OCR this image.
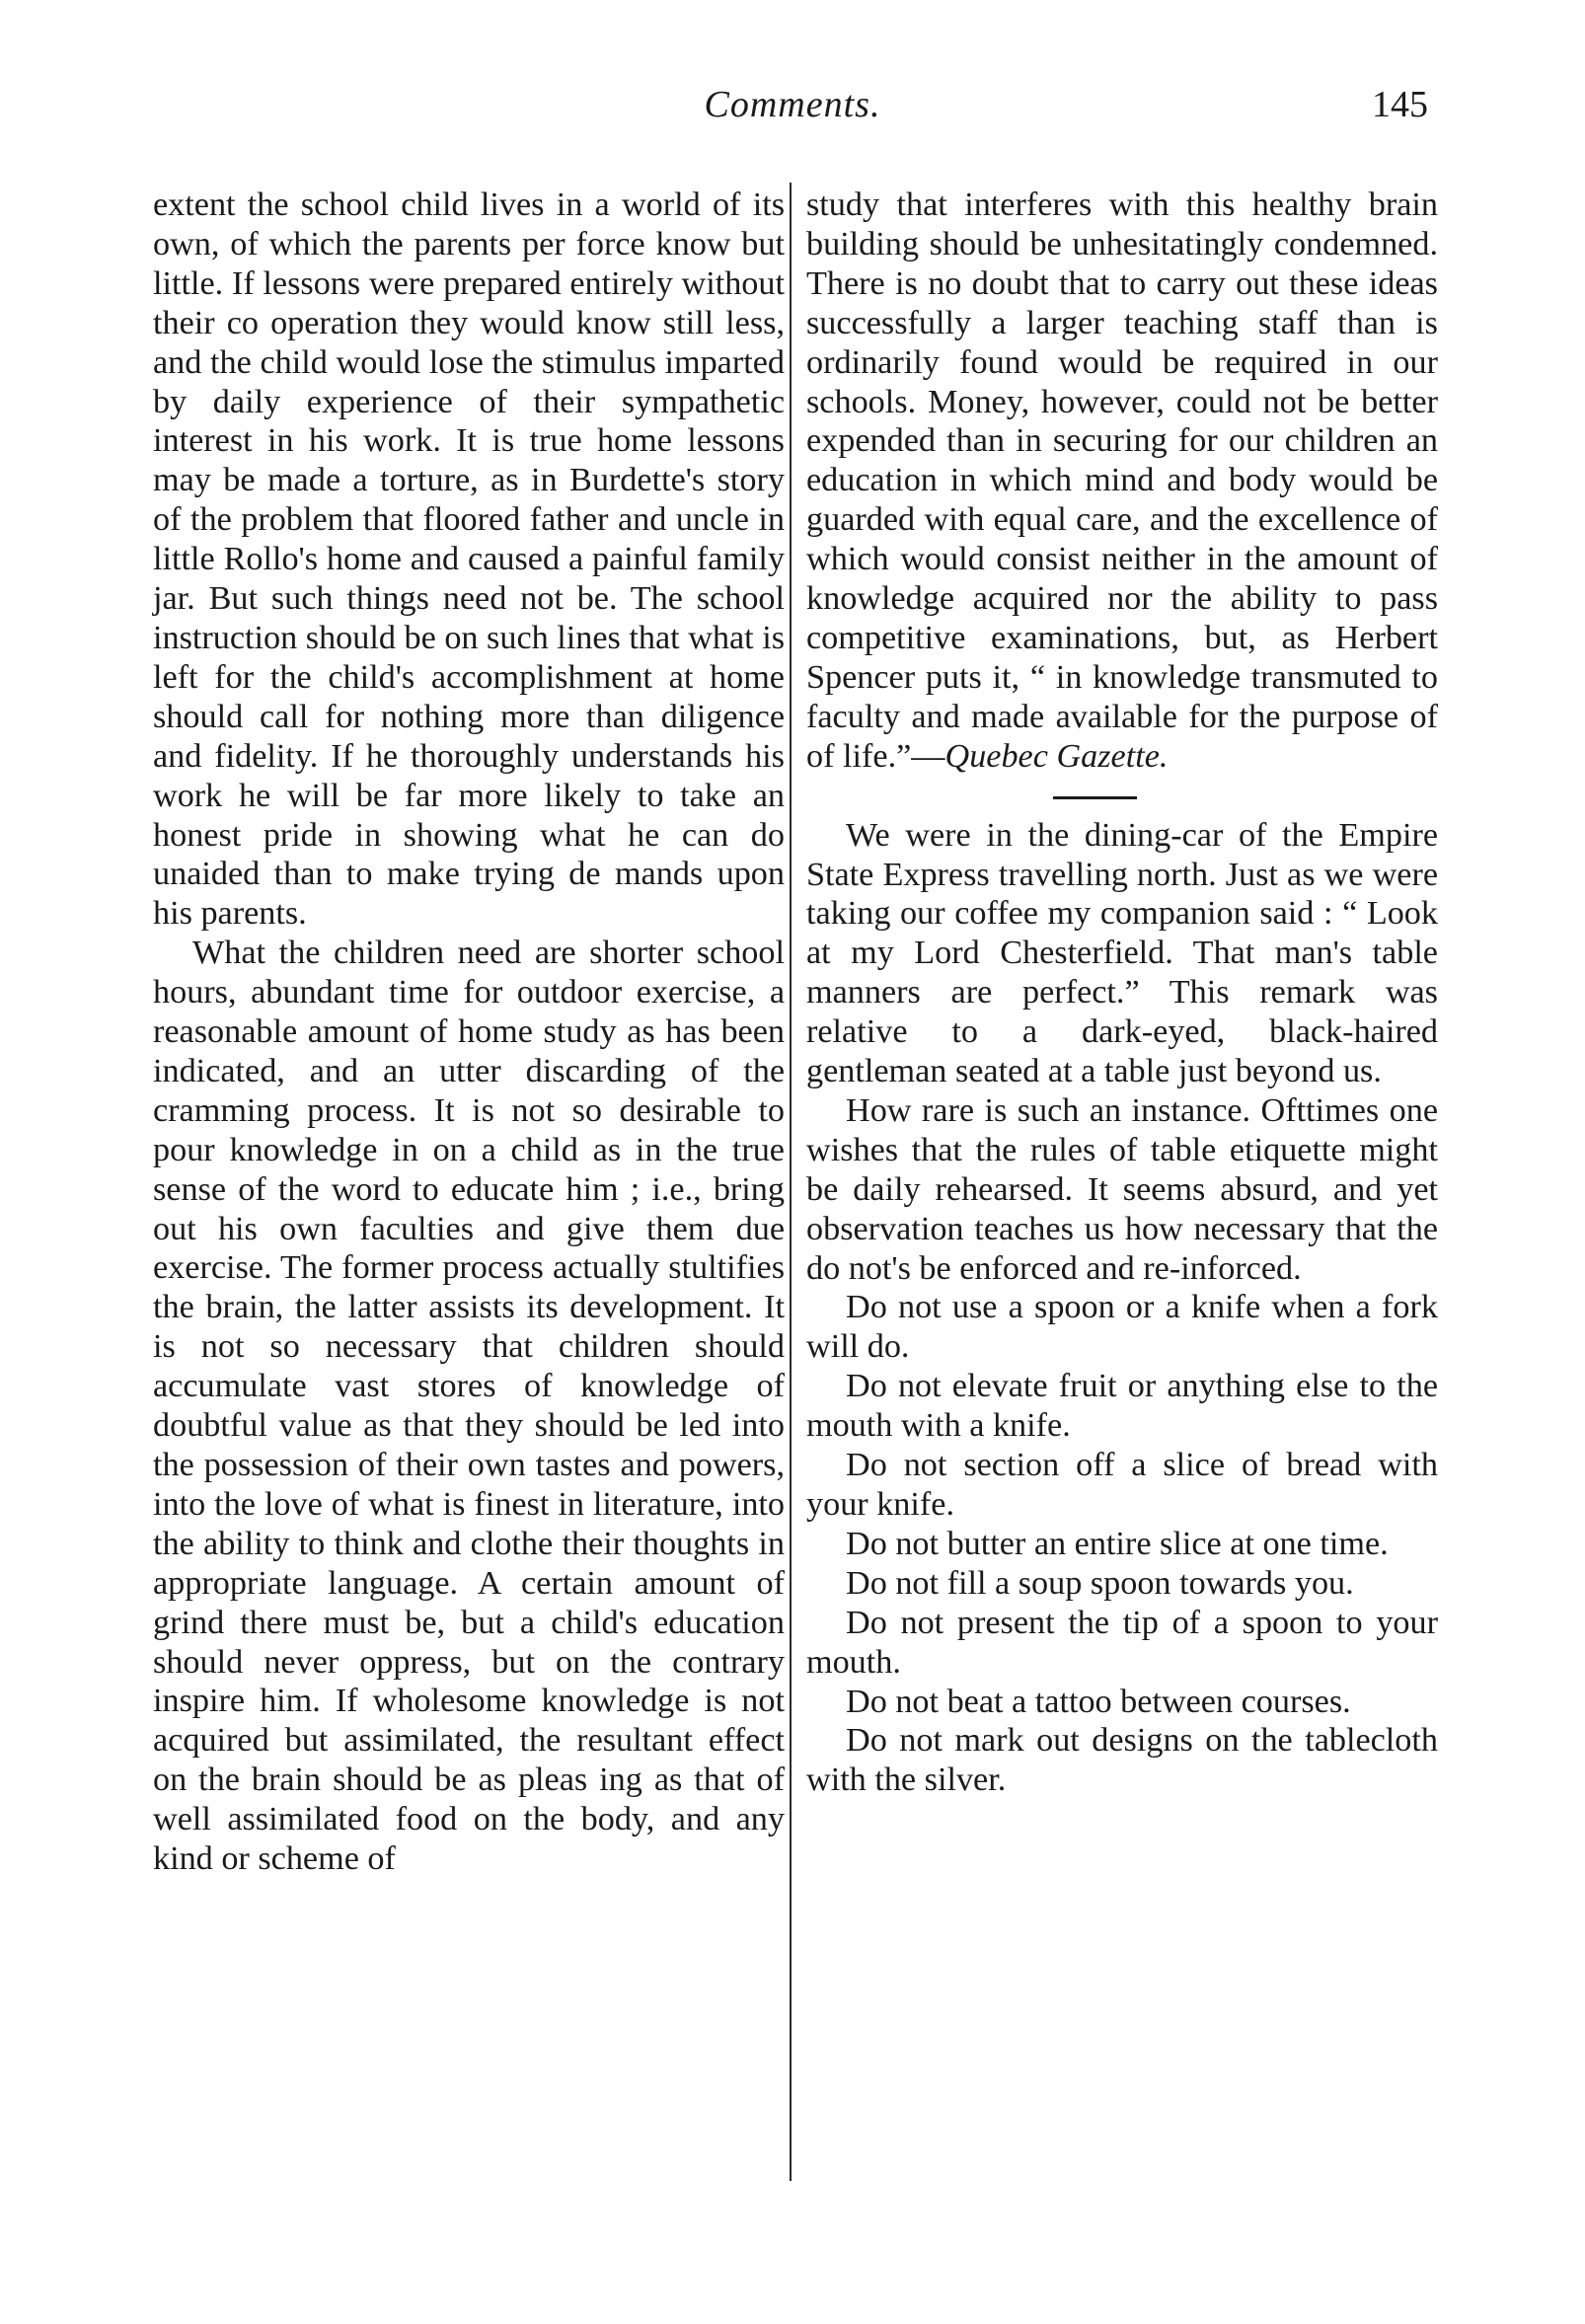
Comments.	145

extent the school child lives in a world of its own, of which the parents per force know but little. If lessons were prepared entirely without their co operation they would know still less, and the child would lose the stimulus imparted by daily experience of their sympathetic interest in his work. It is true home lessons may be made a torture, as in Burdette's story of the problem that floored father and uncle in little Rollo's home and caused a painful family jar. But such things need not be. The school instruction should be on such lines that what is left for the child's accomplishment at home should call for nothing more than diligence and fidelity. If he thoroughly understands his work he will be far more likely to take an honest pride in showing what he can do unaided than to make trying de mands upon his parents.

What the children need are shorter school hours, abundant time for outdoor exercise, a reasonable amount of home study as has been indicated, and an utter discarding of the cramming process. It is not so desirable to pour knowledge in on a child as in the true sense of the word to educate him ; i.e., bring out his own faculties and give them due exercise. The former process actually stultifies the brain, the latter assists its development. It is not so necessary that children should accumulate vast stores of knowledge of doubtful value as that they should be led into the possession of their own tastes and powers, into the love of what is finest in literature, into the ability to think and clothe their thoughts in appropriate language. A certain amount of grind there must be, but a child's education should never oppress, but on the contrary inspire him. If wholesome knowledge is not acquired but assimilated, the resultant effect on the brain should be as pleas ing as that of well assimilated food on the body, and any kind or scheme of

study that interferes with this healthy brain building should be unhesitatingly condemned. There is no doubt that to carry out these ideas successfully a larger teaching staff than is ordinarily found would be required in our schools. Money, however, could not be better expended than in securing for our children an education in which mind and body would be guarded with equal care, and the excellence of which would consist neither in the amount of knowledge acquired nor the ability to pass competitive examinations, but, as Herbert Spencer puts it, “ in knowledge transmuted to faculty and made available for the purpose of of life.”—Quebec Gazette.

We were in the dining-car of the Empire State Express travelling north. Just as we were taking our coffee my companion said : “ Look at my Lord Chesterfield. That man's table manners are perfect.” This remark was relative to a dark-eyed, black-haired gentleman seated at a table just beyond us.

How rare is such an instance. Ofttimes one wishes that the rules of table etiquette might be daily rehearsed. It seems absurd, and yet observation teaches us how necessary that the do not's be enforced and re-inforced.

Do not use a spoon or a knife when a fork will do.

Do not elevate fruit or anything else to the mouth with a knife.

Do not section off a slice of bread with your knife.

Do not butter an entire slice at one time.

Do not fill a soup spoon towards you.

Do not present the tip of a spoon to your mouth.

Do not beat a tattoo between courses.

Do not mark out designs on the tablecloth with the silver.
